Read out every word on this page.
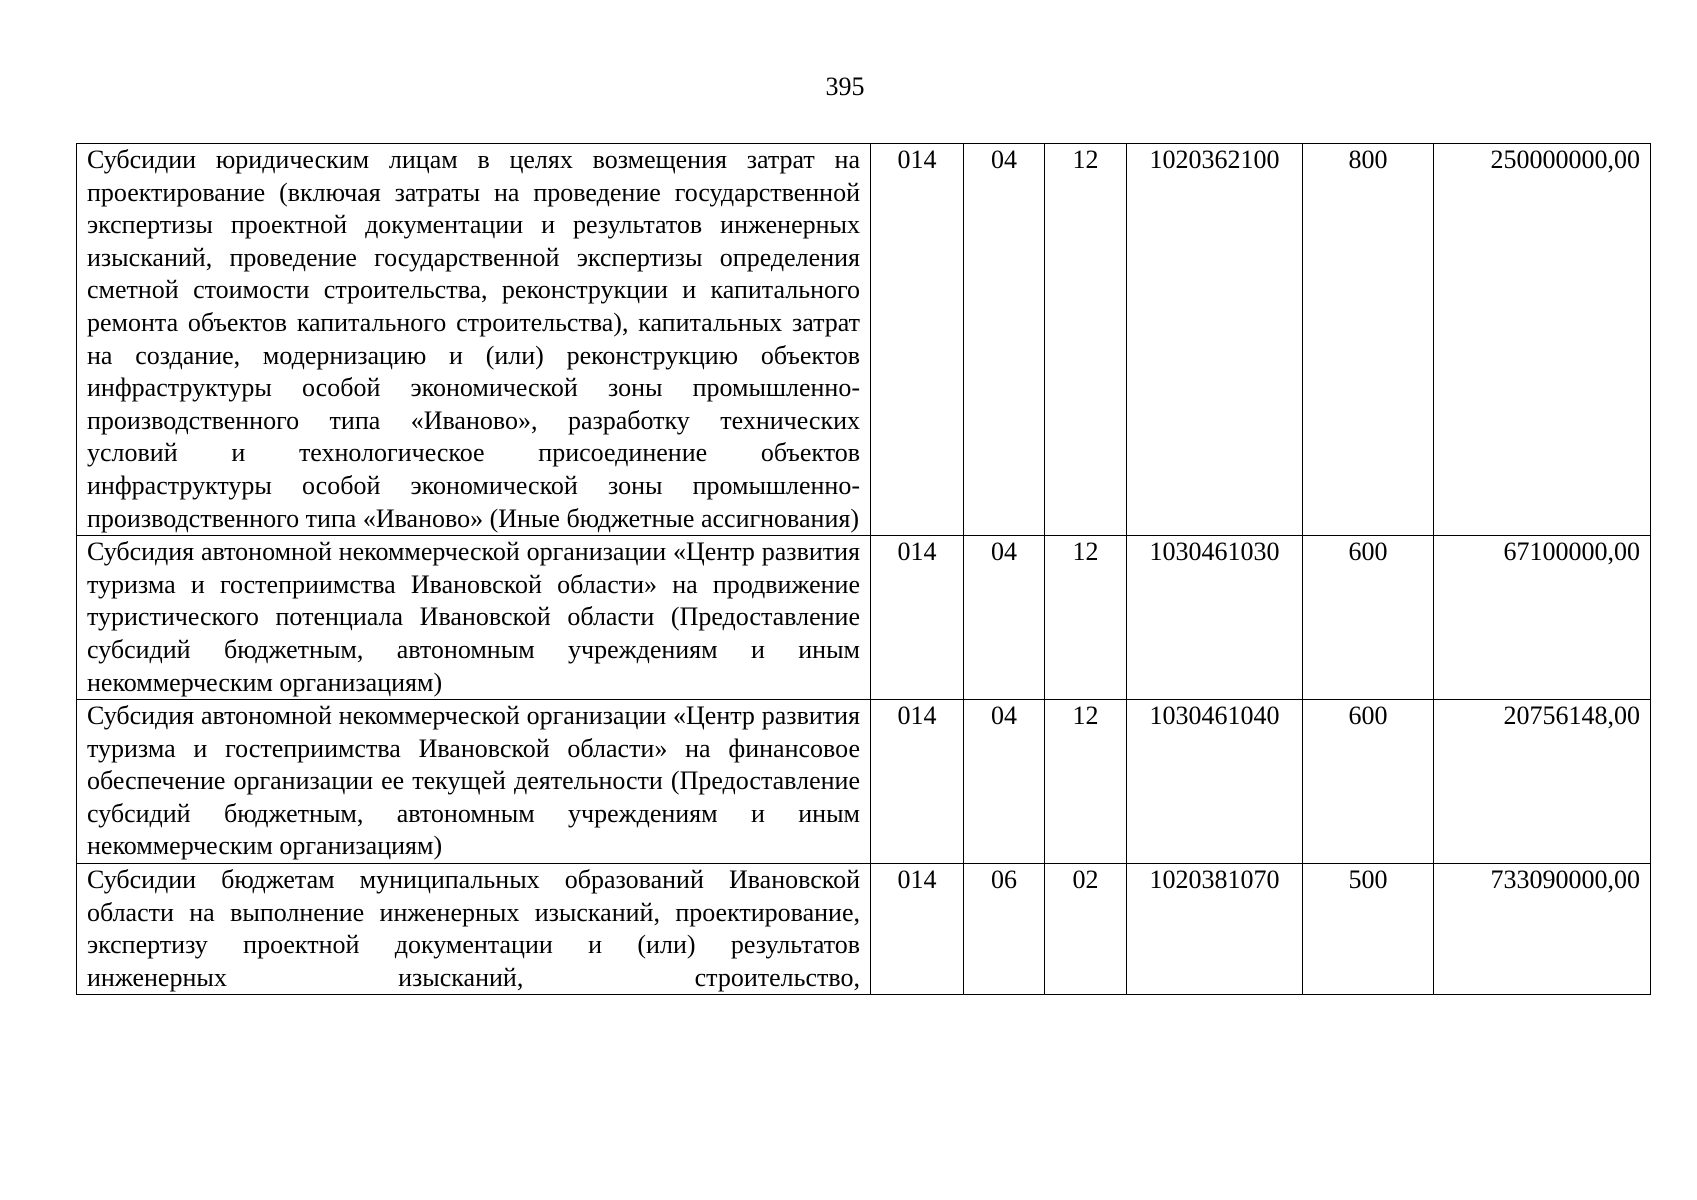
395
Субсидии юридическим лицам в целях возмещения затрат на проектирование (включая затраты на проведение государственной экспертизы проектной документации и результатов инженерных изысканий, проведение государственной экспертизы определения сметной стоимости строительства, реконструкции и капитального ремонта объектов капитального строительства), капитальных затрат на создание, модернизацию и (или) реконструкцию объектов инфраструктуры особой экономической зоны промышленно-производственного типа «Иваново», разработку технических условий и технологическое присоединение объектов инфраструктуры особой экономической зоны промышленно-производственного типа «Иваново» (Иные бюджетные ассигнования)	014	04	12	1020362100	800	250000000,00
Субсидия автономной некоммерческой организации «Центр развития туризма и гостеприимства Ивановской области» на продвижение туристического потенциала Ивановской области (Предоставление субсидий бюджетным, автономным учреждениям и иным некоммерческим организациям)	014	04	12	1030461030	600	67100000,00
Субсидия автономной некоммерческой организации «Центр развития туризма и гостеприимства Ивановской области» на финансовое обеспечение организации ее текущей деятельности (Предоставление субсидий бюджетным, автономным учреждениям и иным некоммерческим организациям)	014	04	12	1030461040	600	20756148,00
Субсидии бюджетам муниципальных образований Ивановской области на выполнение инженерных изысканий, проектирование, экспертизу проектной документации и (или) результатов инженерных изысканий, строительство,	014	06	02	1020381070	500	733090000,00
